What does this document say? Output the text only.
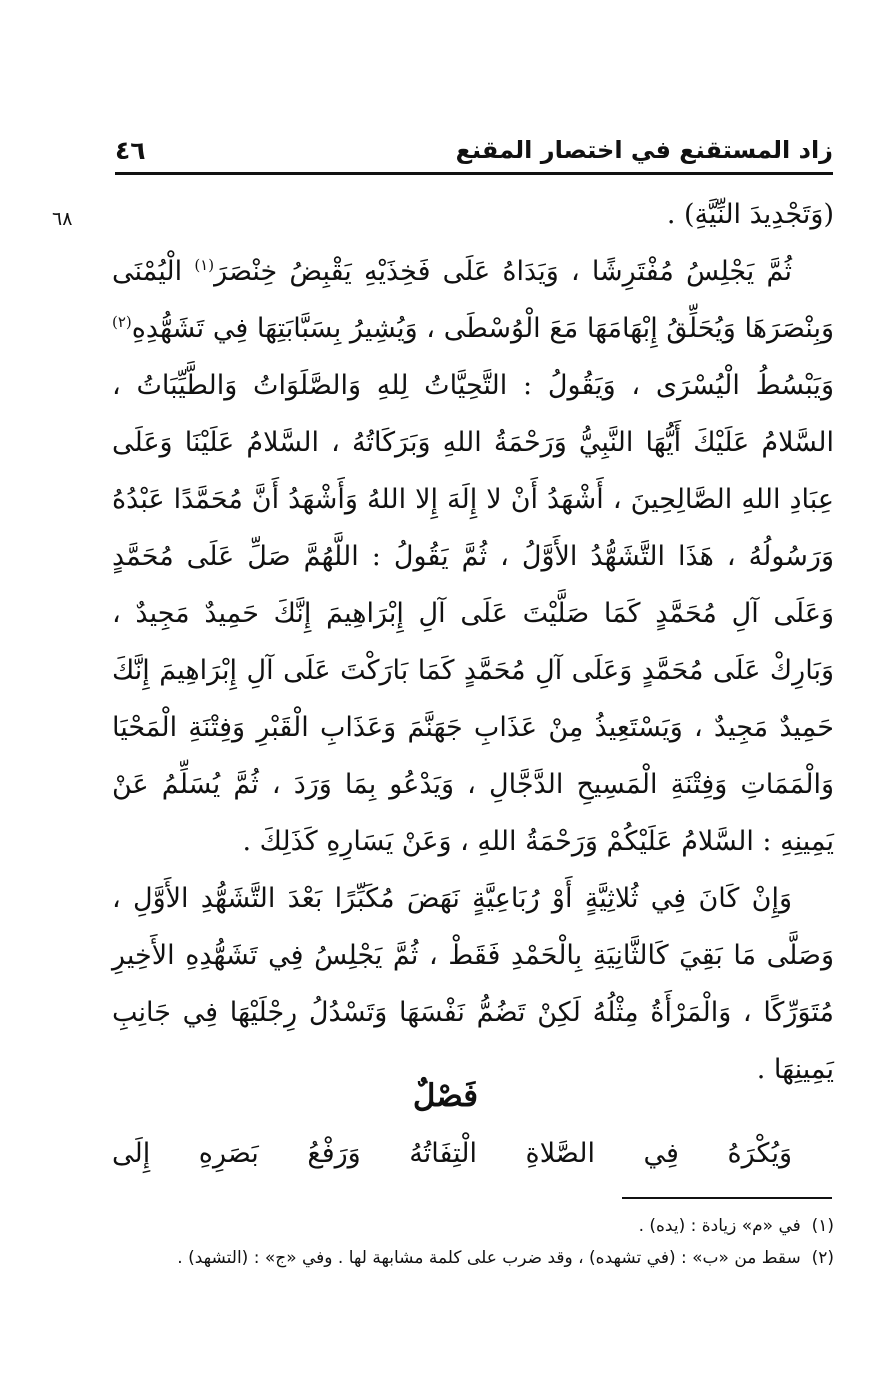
زاد المستقنع في اختصار المقنع
٤٦
٦٨	(وَتَجْدِيدَ النِّيَّةِ) .

ثُمَّ يَجْلِسُ مُفْتَرِشًا ، وَيَدَاهُ عَلَى فَخِذَيْهِ يَقْبِضُ خِنْصَرَ$^{(١)}$ الْيُمْنَى وَبِنْصَرَهَا وَيُحَلِّقُ إِبْهَامَهَا مَعَ الْوُسْطَى ، وَيُشِيرُ بِسَبَّابَتِهَا فِي تَشَهُّدِهِ$^{(٢)}$ وَيَبْسُطُ الْيُسْرَى ، وَيَقُولُ : التَّحِيَّاتُ لِلهِ وَالصَّلَوَاتُ وَالطَّيِّبَاتُ ، السَّلامُ عَلَيْكَ أَيُّهَا النَّبِيُّ وَرَحْمَةُ اللهِ وَبَرَكَاتُهُ ، السَّلامُ عَلَيْنَا وَعَلَى عِبَادِ اللهِ الصَّالِحِينَ ، أَشْهَدُ أَنْ لا إِلَهَ إِلا اللهُ وَأَشْهَدُ أَنَّ مُحَمَّدًا عَبْدُهُ وَرَسُولُهُ ، هَذَا التَّشَهُّدُ الأَوَّلُ ، ثُمَّ يَقُولُ : اللَّهُمَّ صَلِّ عَلَى مُحَمَّدٍ وَعَلَى آلِ مُحَمَّدٍ كَمَا صَلَّيْتَ عَلَى آلِ إِبْرَاهِيمَ إِنَّكَ حَمِيدٌ مَجِيدٌ ، وَبَارِكْ عَلَى مُحَمَّدٍ وَعَلَى آلِ مُحَمَّدٍ كَمَا بَارَكْتَ عَلَى آلِ إِبْرَاهِيمَ إِنَّكَ حَمِيدٌ مَجِيدٌ ، وَيَسْتَعِيذُ مِنْ عَذَابِ جَهَنَّمَ وَعَذَابِ الْقَبْرِ وَفِتْنَةِ الْمَحْيَا وَالْمَمَاتِ وَفِتْنَةِ الْمَسِيحِ الدَّجَّالِ ، وَيَدْعُو بِمَا وَرَدَ ، ثُمَّ يُسَلِّمُ عَنْ يَمِينِهِ : السَّلامُ عَلَيْكُمْ وَرَحْمَةُ اللهِ ، وَعَنْ يَسَارِهِ كَذَلِكَ .

وَإِنْ كَانَ فِي ثُلاثِيَّةٍ أَوْ رُبَاعِيَّةٍ نَهَضَ مُكَبِّرًا بَعْدَ التَّشَهُّدِ الأَوَّلِ ، وَصَلَّى مَا بَقِيَ كَالثَّانِيَةِ بِالْحَمْدِ فَقَطْ ، ثُمَّ يَجْلِسُ فِي تَشَهُّدِهِ الأَخِيرِ مُتَوَرِّكًا ، وَالْمَرْأَةُ مِثْلُهُ لَكِنْ تَضُمُّ نَفْسَهَا وَتَسْدُلُ رِجْلَيْهَا فِي جَانِبِ يَمِينِهَا .

فَصْلٌ
وَيُكْرَهُ فِي الصَّلاةِ الْتِفَاتُهُ وَرَفْعُ بَصَرِهِ إِلَى

(١)  في «م» زيادة : (يده) .

(٢)  سقط من «ب» : (في تشهده) ، وقد ضرب على كلمة مشابهة لها . وفي «ج» : (التشهد) .
